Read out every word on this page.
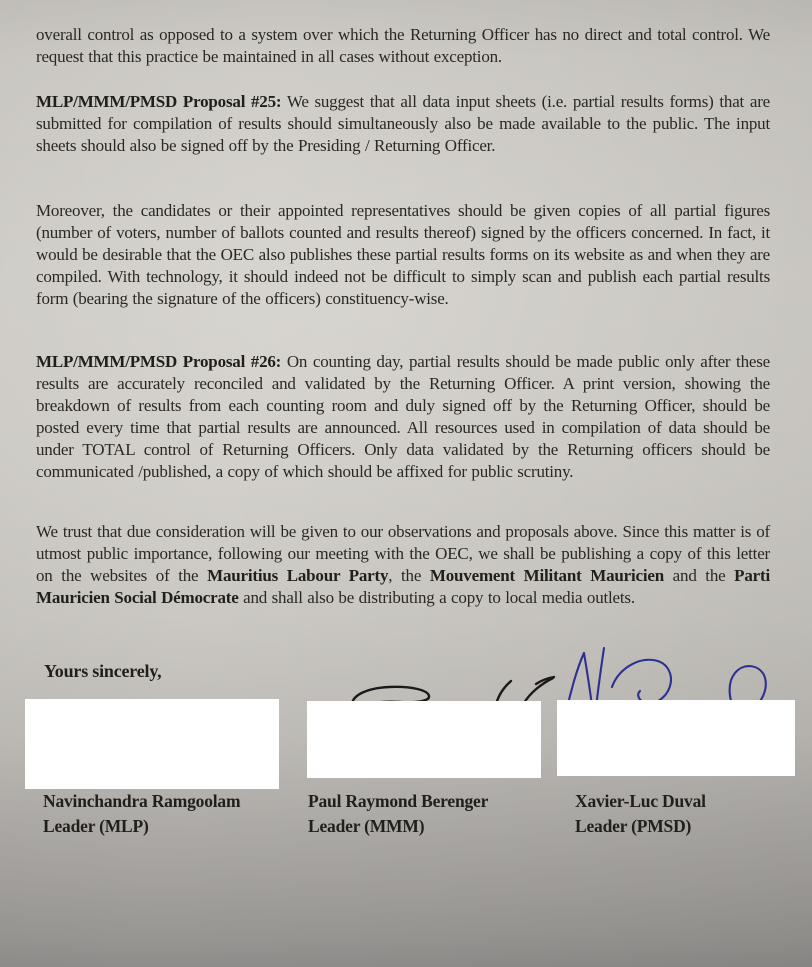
overall control as opposed to a system over which the Returning Officer has no direct and total control. We request that this practice be maintained in all cases without exception.

MLP/MMM/PMSD Proposal #25: We suggest that all data input sheets (i.e. partial results forms) that are submitted for compilation of results should simultaneously also be made available to the public. The input sheets should also be signed off by the Presiding / Returning Officer.

Moreover, the candidates or their appointed representatives should be given copies of all partial figures (number of voters, number of ballots counted and results thereof) signed by the officers concerned. In fact, it would be desirable that the OEC also publishes these partial results forms on its website as and when they are compiled. With technology, it should indeed not be difficult to simply scan and publish each partial results form (bearing the signature of the officers) constituency-wise.

MLP/MMM/PMSD Proposal #26: On counting day, partial results should be made public only after these results are accurately reconciled and validated by the Returning Officer. A print version, showing the breakdown of results from each counting room and duly signed off by the Returning Officer, should be posted every time that partial results are announced. All resources used in compilation of data should be under TOTAL control of Returning Officers. Only data validated by the Returning officers should be communicated /published, a copy of which should be affixed for public scrutiny.

We trust that due consideration will be given to our observations and proposals above. Since this matter is of utmost public importance, following our meeting with the OEC, we shall be publishing a copy of this letter on the websites of the Mauritius Labour Party, the Mouvement Militant Mauricien and the Parti Mauricien Social Démocrate and shall also be distributing a copy to local media outlets.

Yours sincerely,

Navinchandra Ramgoolam
Leader (MLP)
Paul Raymond Berenger
Leader (MMM)
Xavier-Luc Duval
Leader (PMSD)
